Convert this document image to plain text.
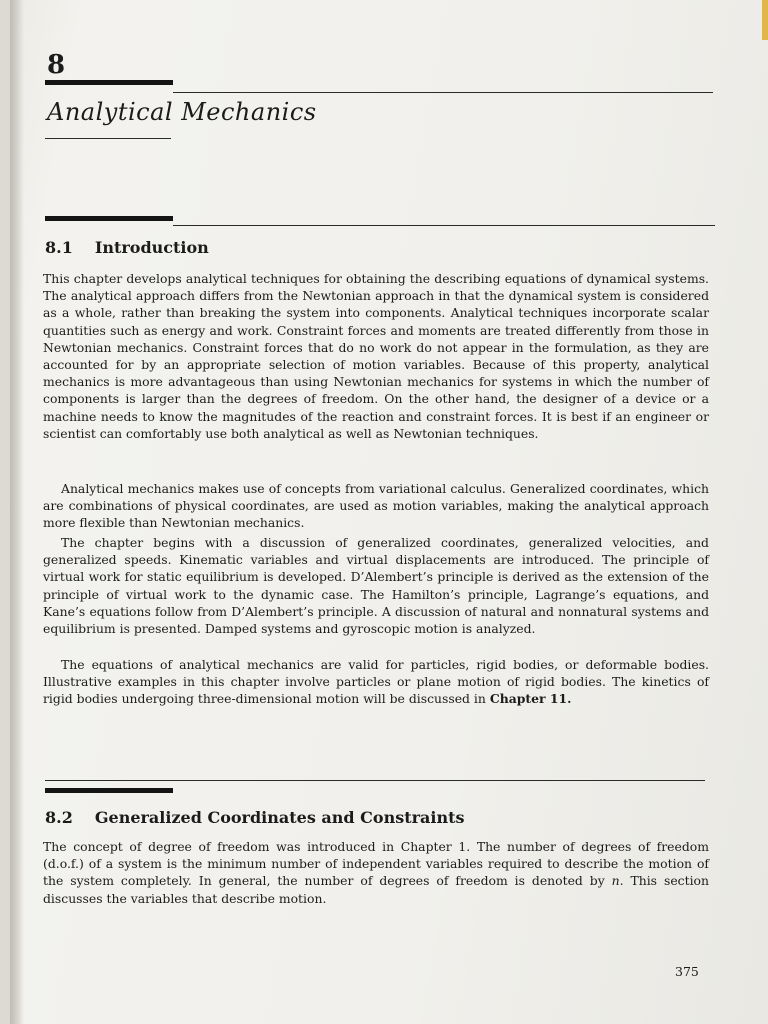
8
Analytical Mechanics
8.1 Introduction

This chapter develops analytical techniques for obtaining the describing equations of dynamical systems. The analytical approach differs from the Newtonian approach in that the dynamical system is considered as a whole, rather than breaking the system into components. Analytical techniques incorporate scalar quantities such as energy and work. Constraint forces and moments are treated differently from those in Newtonian mechanics. Constraint forces that do no work do not appear in the formulation, as they are accounted for by an appropriate selection of motion variables. Because of this property, analytical mechanics is more advantageous than using Newtonian mechanics for systems in which the number of components is larger than the degrees of freedom. On the other hand, the designer of a device or a machine needs to know the magnitudes of the reaction and constraint forces. It is best if an engineer or scientist can comfortably use both analytical as well as Newtonian techniques.

Analytical mechanics makes use of concepts from variational calculus. Generalized coordinates, which are combinations of physical coordinates, are used as motion variables, making the analytical approach more flexible than Newtonian mechanics.

The chapter begins with a discussion of generalized coordinates, generalized velocities, and generalized speeds. Kinematic variables and virtual displacements are introduced. The principle of virtual work for static equilibrium is developed. D’Alembert’s principle is derived as the extension of the principle of virtual work to the dynamic case. The Hamilton’s principle, Lagrange’s equations, and Kane’s equations follow from D’Alembert’s principle. A discussion of natural and nonnatural systems and equilibrium is presented. Damped systems and gyroscopic motion is analyzed.

The equations of analytical mechanics are valid for particles, rigid bodies, or deformable bodies. Illustrative examples in this chapter involve particles or plane motion of rigid bodies. The kinetics of rigid bodies undergoing three-dimensional motion will be discussed in Chapter 11.

8.2 Generalized Coordinates and Constraints

The concept of degree of freedom was introduced in Chapter 1. The number of degrees of freedom (d.o.f.) of a system is the minimum number of independent variables required to describe the motion of the system completely. In general, the number of degrees of freedom is denoted by n. This section discusses the variables that describe motion.

375
